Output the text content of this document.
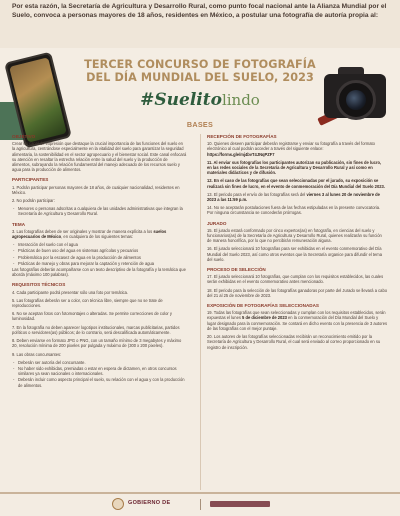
Por esta razón, la Secretaría de Agricultura y Desarrollo Rural, como punto focal nacional ante la Alianza Mundial por el Suelo, convoca a personas mayores de 18 años, residentes en México, a postular una fotografía de autoría propia al:
TERCER CONCURSO DE FOTOGRAFÍA
DEL DÍA MUNDIAL DEL SUELO, 2023
#Suelitolindo
BASES
OBJETIVO
Crear un canal de expresión que destaque la crucial importancia de las funciones del suelo en la agricultura, centrándose especialmente en la vitalidad del suelo para garantizar la seguridad alimentaria, la sostenibilidad en el sector agropecuario y el bienestar social. Este canal enfocará su atención en resaltar la estrecha relación entre la salud del suelo y la producción de alimentos, subrayando la relación fundamental del manejo adecuado de los recursos suelo y agua para la producción de alimentos.
PARTICIPANTES
1. Podrán participar personas mayores de 18 años, de cualquier nacionalidad, residentes en México.
2. No podrán participar:
- Menores o personas adscritas a cualquiera de las unidades administrativas que integran la Secretaría de Agricultura y Desarrollo Rural.
TEMA
3. Las fotografías deben de ser originales y mostrar de manera explícita a los suelos agropecuarios de México, en cualquiera de los siguientes temas:
- Interacción del suelo con el agua
- Prácticas de buen uso del agua en sistemas agrícolas y pecuarios
- Problemática por la escasez de agua en la producción de alimentos
- Prácticas de manejo y obras para mejorar la captación y retención de agua
Las fotografías deberán acompañarse con un texto descriptivo de la fotografía y la temática que aborda (máximo 100 palabras).
REQUISITOS TÉCNICOS
4. Cada participante podrá presentar sólo una foto por temática.
5. Las fotografías deberán ser a color, con técnica libre, siempre que no se trate de reproducciones.
6. No se aceptan fotos con fotomontajes o alteradas. Se permite correcciones de color y luminosidad.
7. En la fotografía no deben aparecer logotipos institucionales, marcas publicitarias, partidos políticos o servidores(as) públicos; de lo contrario, será descalificada automáticamente.
8. Deben enviarse en formato JPG o PNG, con un tamaño mínimo de 3 megabytes y máximo 20, resolución mínima de 200 pixeles por pulgada y máximo de (300 x 200 pixeles).
9. Las obras concursantes:
- Deberán ser autoría del concursante.
- No haber sido exhibidas, premiadas o estar en espera de dictamen, en otros concursos similares ya sean nacionales o internacionales.
- Deberán incluir como aspecto principal el suelo, su relación con el agua y con la producción de alimentos.
RECEPCIÓN DE FOTOGRAFÍAS
10. Quienes deseen participar deberán registrarse y enviar su fotografía a través del formato electrónico al cual podrán acceder a través del siguiente enlace: https://forms.gle/mj4bvT4JNqPZF7
11. Al enviar sus fotografías los participantes autorizan su publicación, sin fines de lucro, en las redes sociales de la Secretaría de Agricultura y Desarrollo Rural y así como en materiales didácticos y de difusión.
12. En el caso de las fotografías que sean seleccionadas por el jurado, su exposición se realizará sin fines de lucro, en el evento de conmemoración del Día Mundial del Suelo 2023.
13. El periodo para el envío de las fotografías será del viernes 3 al lunes 20 de noviembre de 2023 a las 11:59 p.m.
14. No se aceptarán postulaciones fuera de las fechas estipuladas en la presente convocatoria. Por ninguna circunstancia se concederán prórrogas.
JURADO
15. El jurado estará conformado por cinco expertos(as) en fotografía, en ciencias del suelo y funcionarios(as) de la Secretaría de Agricultura y Desarrollo Rural, quienes realizarán su función de manera honorífica, por lo que no percibirán remuneración alguna.
16. El jurado seleccionará 10 fotografías para ser exhibidas en el evento conmemorativo del Día Mundial del Suelo 2023, así como otros eventos que la Secretaría organice para difundir el tema del suelo.
PROCESO DE SELECCIÓN
17. El jurado seleccionará 10 fotografías, que cumplan con los requisitos establecidos, las cuales serán exhibidas en el evento conmemorativo antes mencionado.
18. El periodo para la selección de las fotografías ganadoras por parte del Jurado se llevará a cabo del 21 al 25 de noviembre de 2023.
EXPOSICIÓN DE FOTOGRAFÍAS SELECCIONADAS
19. Todas las fotografías que sean seleccionadas y cumplan con los requisitos establecidos, serán expuestas el lunes 5 de diciembre de 2023 en la conmemoración del Día Mundial del Suelo y lugar designado para la conmemoración. Se contará en dicho evento con la presencia de 3 autores de las fotografías con el mejor puntaje.
20. Los autores de las fotografías seleccionadas recibirán un reconocimiento emitido por la Secretaría de Agricultura y Desarrollo Rural, el cual será enviado al correo proporcionado en su registro de inscripción.
GOBIERNO DE
